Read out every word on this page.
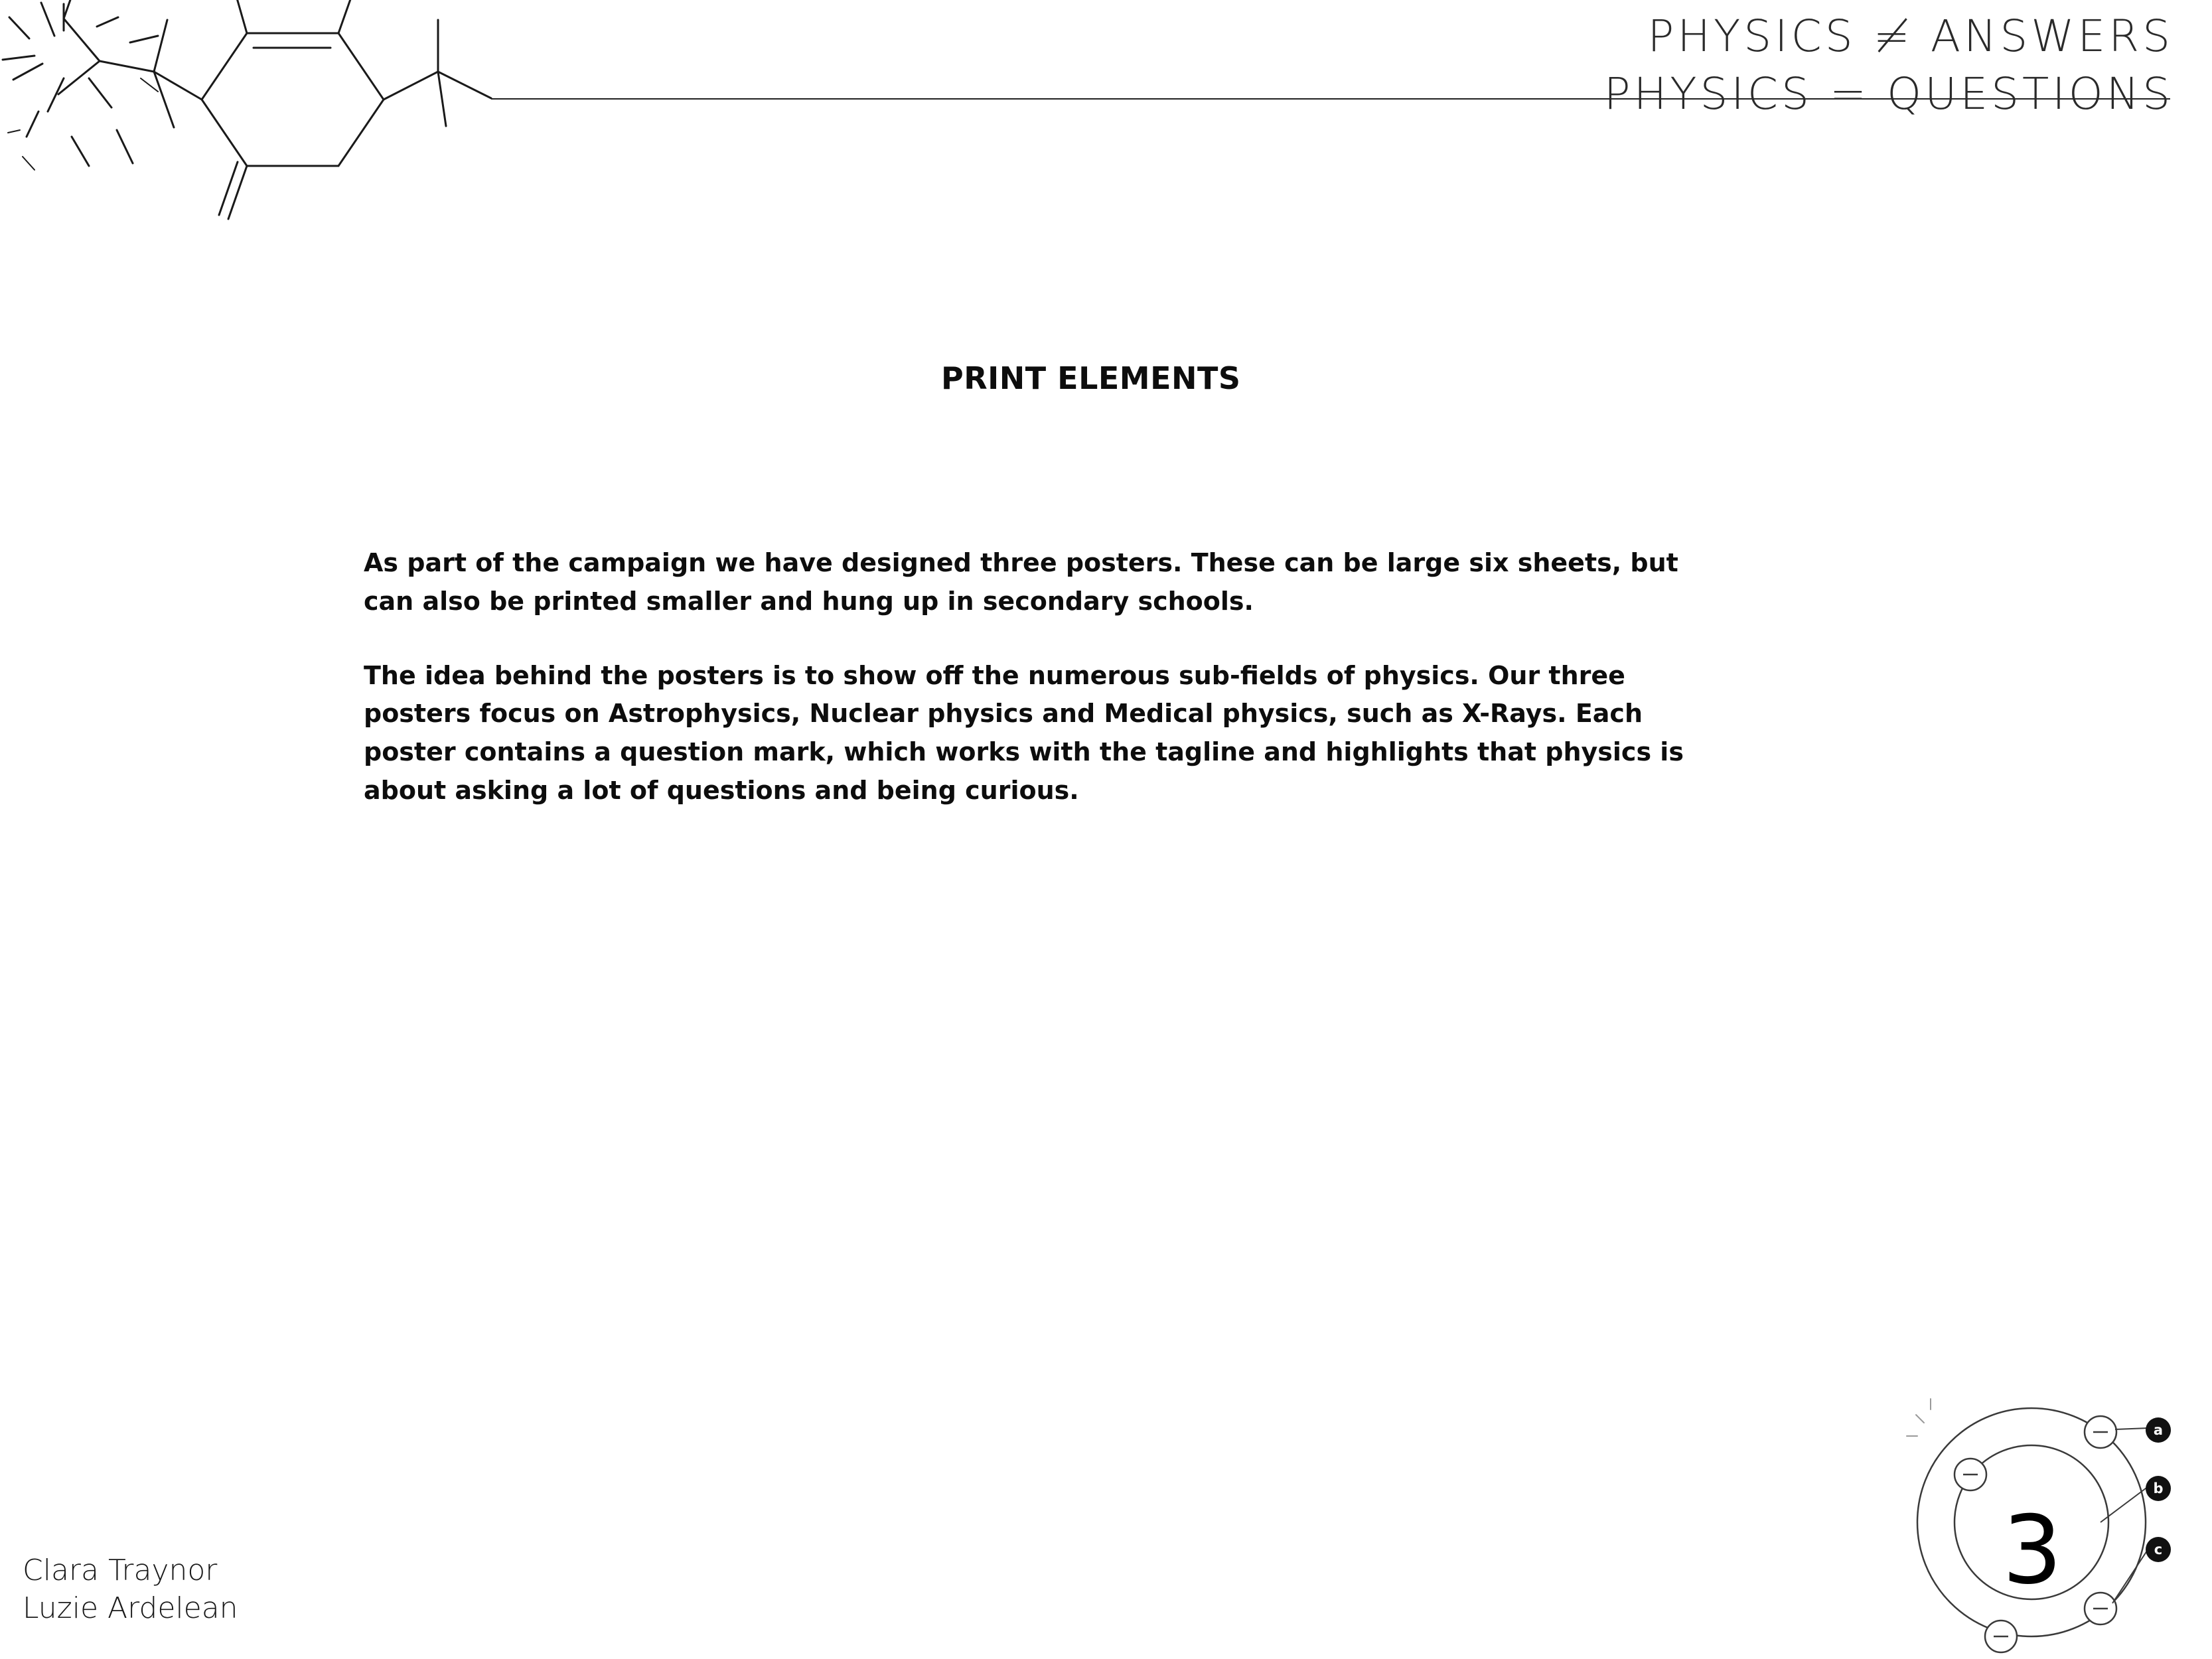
PHYSICS ≠ ANSWERS
PHYSICS = QUESTIONS
PRINT ELEMENTS

As part of the campaign we have designed three posters. These can be large six sheets, but can also be printed smaller and hung up in secondary schools.

The idea behind the posters is to show off the numerous sub-fields of physics. Our three posters focus on Astrophysics, Nuclear physics and Medical physics, such as X-Rays. Each poster contains a question mark, which works with the tagline and highlights that physics is about asking a lot of questions and being curious.

Clara Traynor
Luzie Ardelean
3
a
b
c
